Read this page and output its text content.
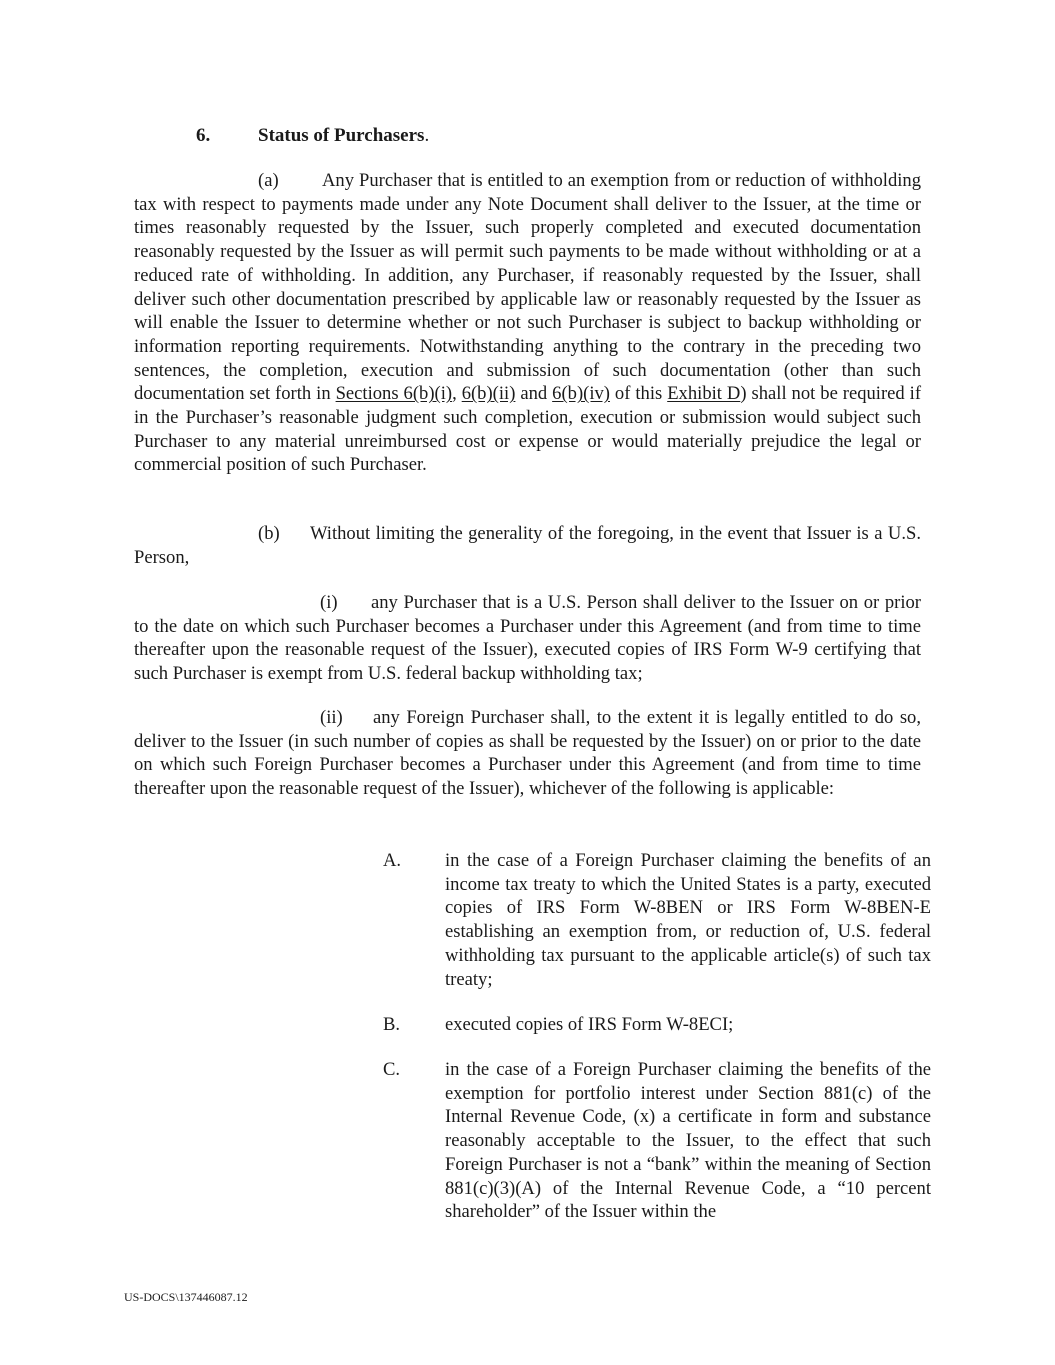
6.	Status of Purchasers.

(a) Any Purchaser that is entitled to an exemption from or reduction of withholding tax with respect to payments made under any Note Document shall deliver to the Issuer, at the time or times reasonably requested by the Issuer, such properly completed and executed documentation reasonably requested by the Issuer as will permit such payments to be made without withholding or at a reduced rate of withholding. In addition, any Purchaser, if reasonably requested by the Issuer, shall deliver such other documentation prescribed by applicable law or reasonably requested by the Issuer as will enable the Issuer to determine whether or not such Purchaser is subject to backup withholding or information reporting requirements. Notwithstanding anything to the contrary in the preceding two sentences, the completion, execution and submission of such documentation (other than such documentation set forth in Sections 6(b)(i), 6(b)(ii) and 6(b)(iv) of this Exhibit D) shall not be required if in the Purchaser’s reasonable judgment such completion, execution or submission would subject such Purchaser to any material unreimbursed cost or expense or would materially prejudice the legal or commercial position of such Purchaser.

(b) Without limiting the generality of the foregoing, in the event that Issuer is a U.S. Person,

(i) any Purchaser that is a U.S. Person shall deliver to the Issuer on or prior to the date on which such Purchaser becomes a Purchaser under this Agreement (and from time to time thereafter upon the reasonable request of the Issuer), executed copies of IRS Form W-9 certifying that such Purchaser is exempt from U.S. federal backup withholding tax;

(ii) any Foreign Purchaser shall, to the extent it is legally entitled to do so, deliver to the Issuer (in such number of copies as shall be requested by the Issuer) on or prior to the date on which such Foreign Purchaser becomes a Purchaser under this Agreement (and from time to time thereafter upon the reasonable request of the Issuer), whichever of the following is applicable:

A. in the case of a Foreign Purchaser claiming the benefits of an income tax treaty to which the United States is a party, executed copies of IRS Form W-8BEN or IRS Form W-8BEN-E establishing an exemption from, or reduction of, U.S. federal withholding tax pursuant to the applicable article(s) of such tax treaty;
B. executed copies of IRS Form W-8ECI;
C. in the case of a Foreign Purchaser claiming the benefits of the exemption for portfolio interest under Section 881(c) of the Internal Revenue Code, (x) a certificate in form and substance reasonably acceptable to the Issuer, to the effect that such Foreign Purchaser is not a “bank” within the meaning of Section 881(c)(3)(A) of the Internal Revenue Code, a “10 percent shareholder” of the Issuer within the
US-DOCS\137446087.12
